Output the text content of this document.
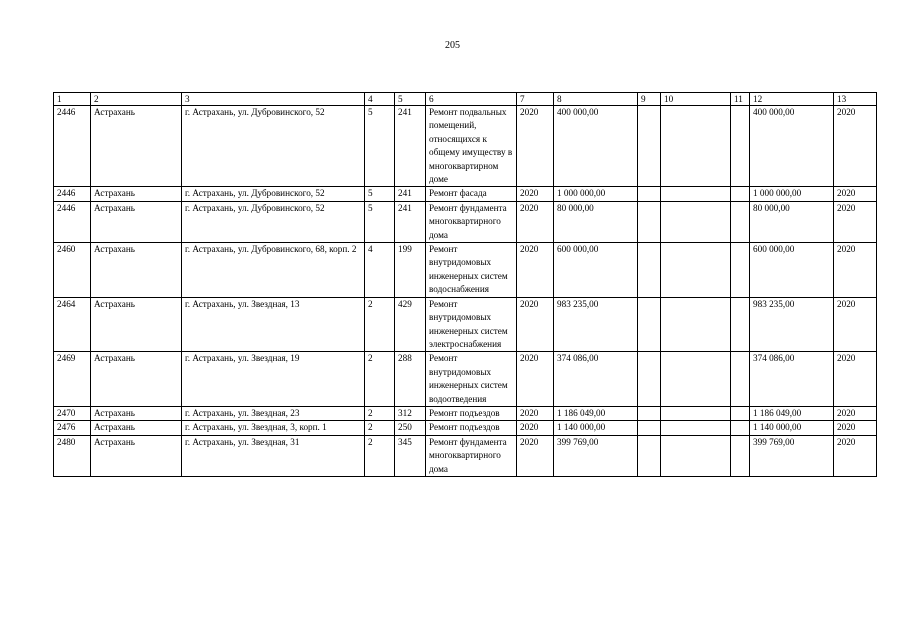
205
1	2	3	4	5	6	7	8	9	10	11	12	13
2446	Астрахань	г. Астрахань, ул. Дубровинского, 52	5	241	Ремонт подвальных помещений, относящихся к общему имуществу в многоквартирном доме	2020	400 000,00				400 000,00	2020
2446	Астрахань	г. Астрахань, ул. Дубровинского, 52	5	241	Ремонт фасада	2020	1 000 000,00				1 000 000,00	2020
2446	Астрахань	г. Астрахань, ул. Дубровинского, 52	5	241	Ремонт фундамента многоквартирного дома	2020	80 000,00				80 000,00	2020
2460	Астрахань	г. Астрахань, ул. Дубровинского, 68, корп. 2	4	199	Ремонт внутридомовых инженерных систем водоснабжения	2020	600 000,00				600 000,00	2020
2464	Астрахань	г. Астрахань, ул. Звездная, 13	2	429	Ремонт внутридомовых инженерных систем электроснабжения	2020	983 235,00				983 235,00	2020
2469	Астрахань	г. Астрахань, ул. Звездная, 19	2	288	Ремонт внутридомовых инженерных систем водоотведения	2020	374 086,00				374 086,00	2020
2470	Астрахань	г. Астрахань, ул. Звездная, 23	2	312	Ремонт подъездов	2020	1 186 049,00				1 186 049,00	2020
2476	Астрахань	г. Астрахань, ул. Звездная, 3, корп. 1	2	250	Ремонт подъездов	2020	1 140 000,00				1 140 000,00	2020
2480	Астрахань	г. Астрахань, ул. Звездная, 31	2	345	Ремонт фундамента многоквартирного дома	2020	399 769,00				399 769,00	2020
